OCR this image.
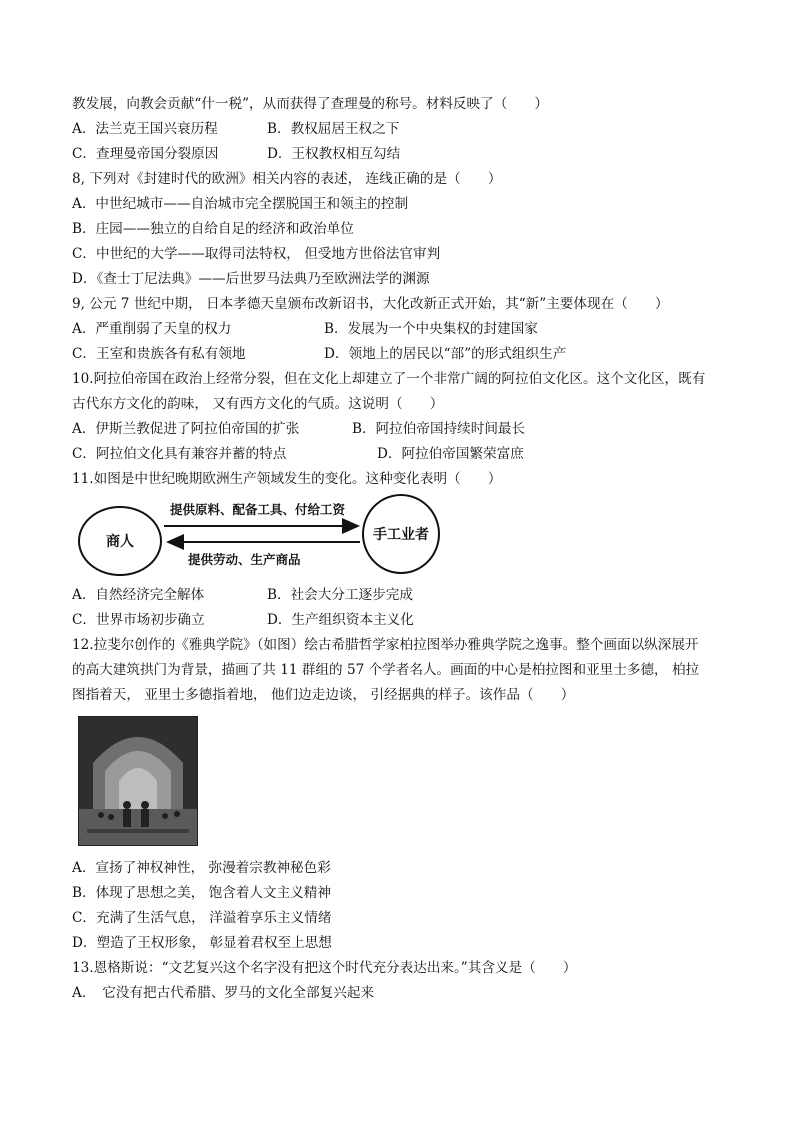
教发展，向教会贡献“什一税”，从而获得了查理曼的称号。材料反映了（　　）
A．法兰克王国兴衰历程	B．教权屈居王权之下
C．查理曼帝国分裂原因	D．王权教权相互勾结
8, 下列对《封建时代的欧洲》相关内容的表述， 连线正确的是（　　）
A．中世纪城市——自治城市完全摆脱国王和领主的控制
B．庄园——独立的自给自足的经济和政治单位
C．中世纪的大学——取得司法特权， 但受地方世俗法官审判
D．《查士丁尼法典》——后世罗马法典乃至欧洲法学的渊源
9, 公元 7 世纪中期， 日本孝德天皇颁布改新诏书，大化改新正式开始，其“新”主要体现在（　　）
A．严重削弱了天皇的权力	B．发展为一个中央集权的封建国家
C．王室和贵族各有私有领地	D．领地上的居民以“部”的形式组织生产
10.阿拉伯帝国在政治上经常分裂，但在文化上却建立了一个非常广阔的阿拉伯文化区。这个文化区，既有
古代东方文化的韵味， 又有西方文化的气质。这说明（　　）
A．伊斯兰教促进了阿拉伯帝国的扩张	B．阿拉伯帝国持续时间最长
C．阿拉伯文化具有兼容并蓄的特点	D．阿拉伯帝国繁荣富庶
11.如图是中世纪晚期欧洲生产领域发生的变化。这种变化表明（　　）
商人	手工业者
提供原料、配备工具、付给工资
提供劳动、生产商品
A．自然经济完全解体	B．社会大分工逐步完成
C．世界市场初步确立	D．生产组织资本主义化
12.拉斐尔创作的《雅典学院》（如图）绘古希腊哲学家柏拉图举办雅典学院之逸事。整个画面以纵深展开
的高大建筑拱门为背景，描画了共 11 群组的 57 个学者名人。画面的中心是柏拉图和亚里士多德， 柏拉
图指着天， 亚里士多德指着地， 他们边走边谈， 引经据典的样子。该作品（　　）
A．宣扬了神权神性， 弥漫着宗教神秘色彩
B．体现了思想之美， 饱含着人文主义精神
C．充满了生活气息， 洋溢着享乐主义情绪
D．塑造了王权形象， 彰显着君权至上思想
13.恩格斯说：“文艺复兴这个名字没有把这个时代充分表达出来。”其含义是（　　）
A．　它没有把古代希腊、罗马的文化全部复兴起来
